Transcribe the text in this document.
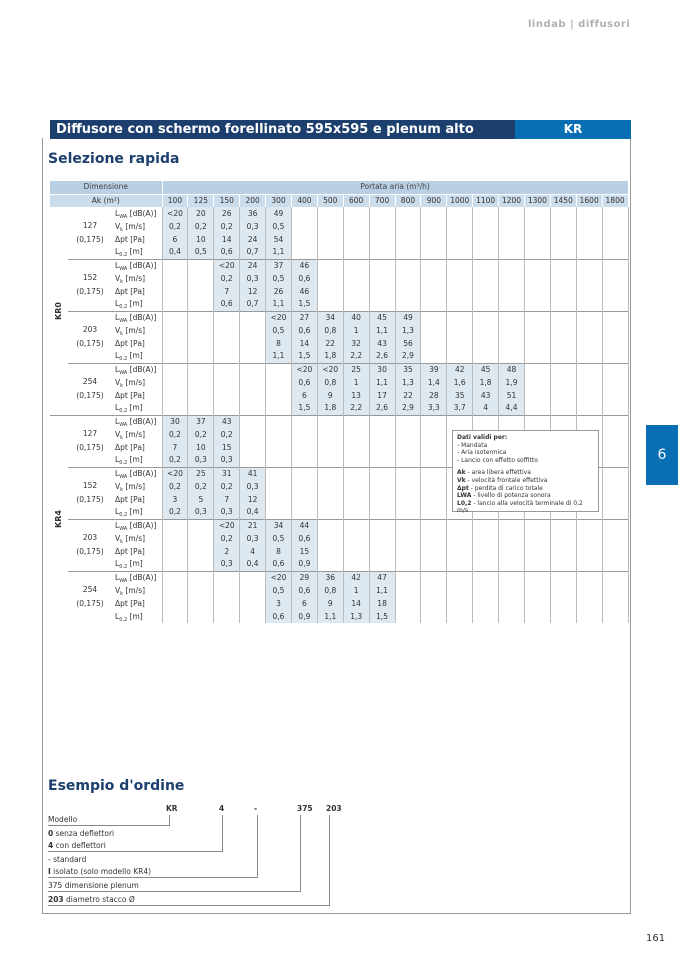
lindab | diffusori
Diffusore con schermo forellinato 595x595 e plenum alto	KR
6
Selezione rapida
Dimensione			Portata aria (m³/h)																	
Ak (m²)			100	125	150	200	300	400	500	600	700	800	900	1000	1100	1200	1300	1450	1600	1800
KR0	127
(0,175)	$L_{WA}$ [dB(A)]	<20	20	26	36	49													
		$V_k$ [m/s]	0,2	0,2	0,2	0,3	0,5													
		Δpt [Pa]	6	10	14	24	54													
		$L_{0,2}$ [m]	0,4	0,5	0,6	0,7	1,1													

	152
(0,175)	$L_{WA}$ [dB(A)]			<20	24	37	46												
		$V_k$ [m/s]			0,2	0,3	0,5	0,6												
		Δpt [Pa]			7	12	26	46												
		$L_{0,2}$ [m]			0,6	0,7	1,1	1,5												

	203
(0,175)	$L_{WA}$ [dB(A)]					<20	27	34	40	45	49								
		$V_k$ [m/s]					0,5	0,6	0,8	1	1,1	1,3								
		Δpt [Pa]					8	14	22	32	43	56								
		$L_{0,2}$ [m]					1,1	1,5	1,8	2,2	2,6	2,9								

	254
(0,175)	$L_{WA}$ [dB(A)]						<20	<20	25	30	35	39	42	45	48				
		$V_k$ [m/s]						0,6	0,8	1	1,1	1,3	1,4	1,6	1,8	1,9				
		Δpt [Pa]						6	9	13	17	22	28	35	43	51				
		$L_{0,2}$ [m]						1,5	1,8	2,2	2,6	2,9	3,3	3,7	4	4,4				
KR4	127
(0,175)	$L_{WA}$ [dB(A)]	30	37	43															
		$V_k$ [m/s]	0,2	0,2	0,2															
		Δpt [Pa]	7	10	15															
		$L_{0,2}$ [m]	0,2	0,3	0,3															

	152
(0,175)	$L_{WA}$ [dB(A)]	<20	25	31	41														
		$V_k$ [m/s]	0,2	0,2	0,2	0,3														
		Δpt [Pa]	3	5	7	12														
		$L_{0,2}$ [m]	0,2	0,3	0,3	0,4														

	203
(0,175)	$L_{WA}$ [dB(A)]			<20	21	34	44												
		$V_k$ [m/s]			0,2	0,3	0,5	0,6												
		Δpt [Pa]			2	4	8	15												
		$L_{0,2}$ [m]			0,3	0,4	0,6	0,9												

	254
(0,175)	$L_{WA}$ [dB(A)]					<20	29	36	42	47									
		$V_k$ [m/s]					0,5	0,6	0,8	1	1,1									
		Δpt [Pa]					3	6	9	14	18									
		$L_{0,2}$ [m]					0,6	0,9	1,1	1,3	1,5									
Dati validi per:
- Mandata
- Aria isotermica
- Lancio con effetto soffitto
Ak - area libera effettiva
Vk - velocità frontale effettiva
Δpt - perdita di carico totale
LWA - livello di potenza sonora
L0,2 - lancio alla velocità terminale di 0,2 m/s
Esempio d'ordine
KR	4	-	375 203
Modello
0 senza deflettori
4 con deflettori
- standard
I isolato (solo modello KR4)
375 dimensione plenum
203 diametro stacco Ø
161
